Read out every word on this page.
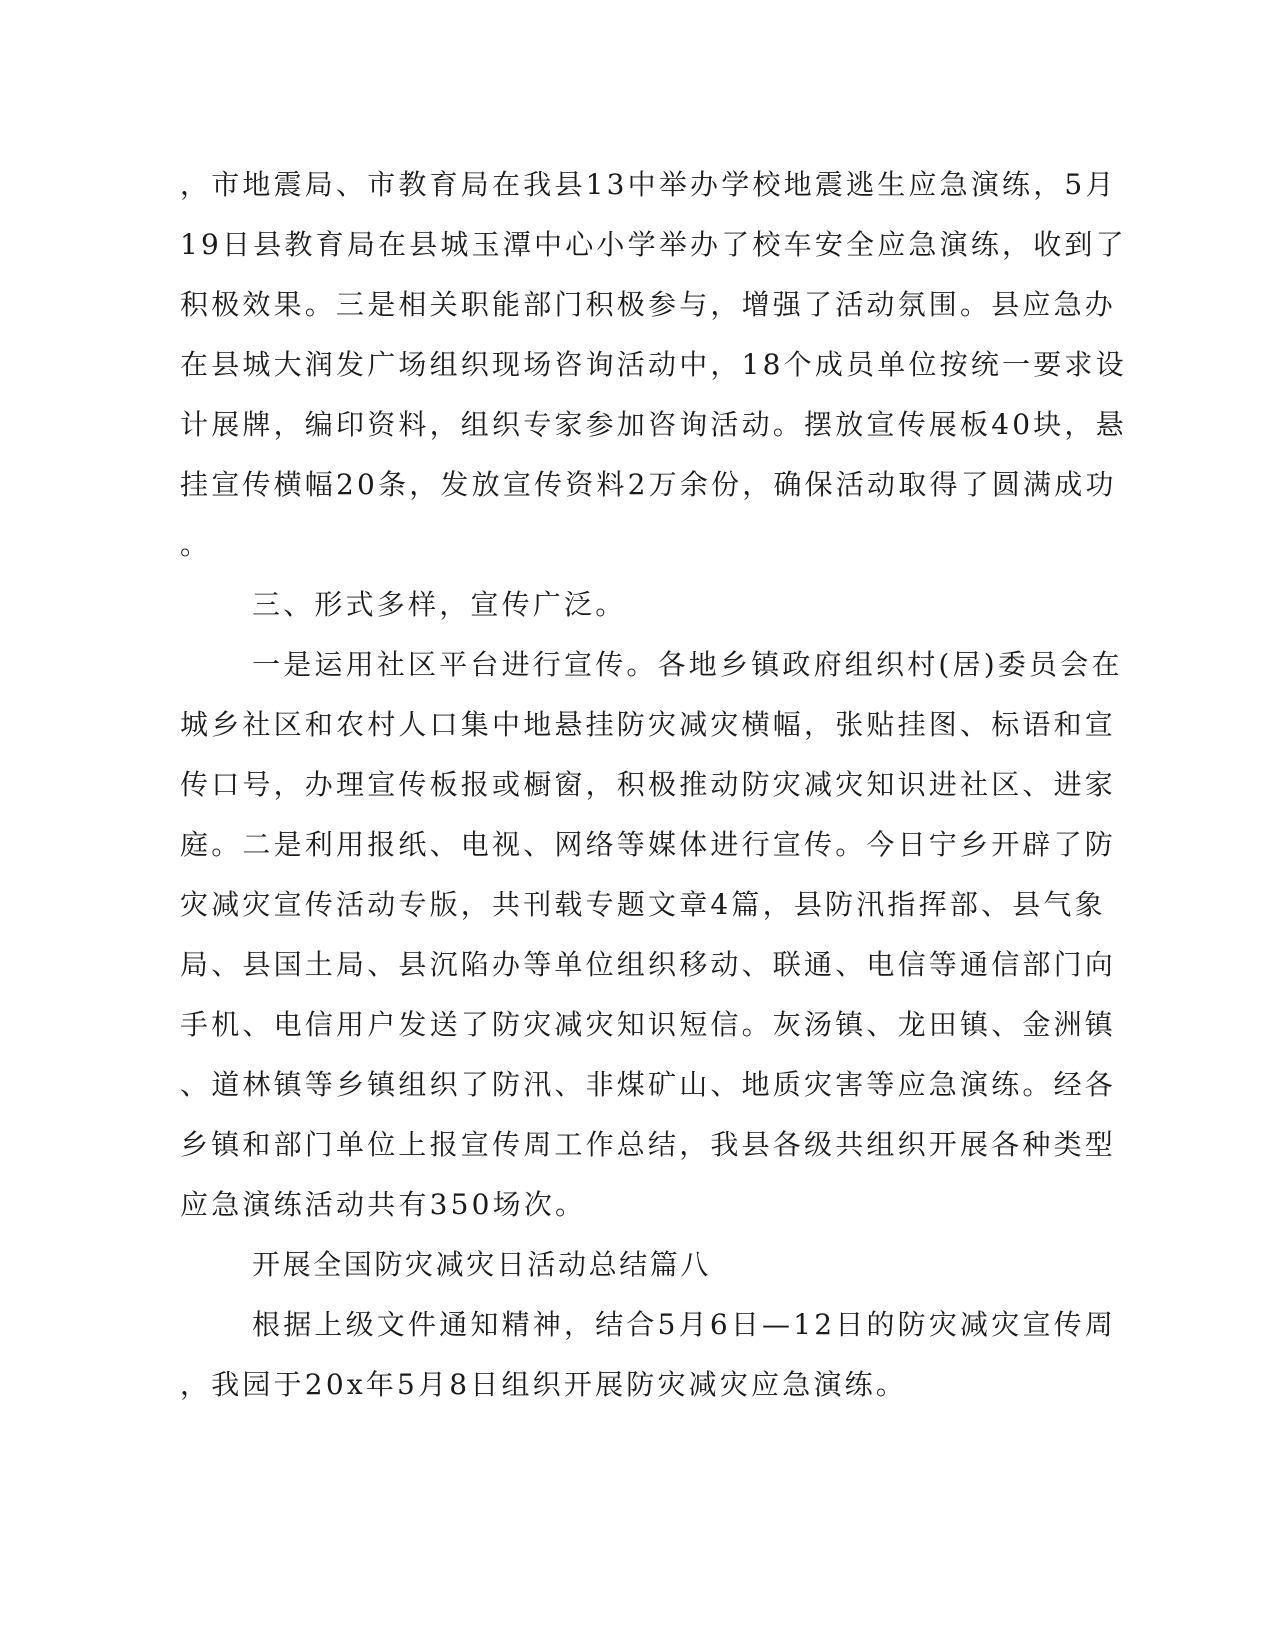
，市地震局、市教育局在我县13中举办学校地震逃生应急演练，5月
19日县教育局在县城玉潭中心小学举办了校车安全应急演练，收到了
积极效果。三是相关职能部门积极参与，增强了活动氛围。县应急办
在县城大润发广场组织现场咨询活动中，18个成员单位按统一要求设
计展牌，编印资料，组织专家参加咨询活动。摆放宣传展板40块，悬
挂宣传横幅20条，发放宣传资料2万余份，确保活动取得了圆满成功
。
三、形式多样，宣传广泛。
一是运用社区平台进行宣传。各地乡镇政府组织村(居)委员会在
城乡社区和农村人口集中地悬挂防灾减灾横幅，张贴挂图、标语和宣
传口号，办理宣传板报或橱窗，积极推动防灾减灾知识进社区、进家
庭。二是利用报纸、电视、网络等媒体进行宣传。今日宁乡开辟了防
灾减灾宣传活动专版，共刊载专题文章4篇，县防汛指挥部、县气象
局、县国土局、县沉陷办等单位组织移动、联通、电信等通信部门向
手机、电信用户发送了防灾减灾知识短信。灰汤镇、龙田镇、金洲镇
、道林镇等乡镇组织了防汛、非煤矿山、地质灾害等应急演练。经各
乡镇和部门单位上报宣传周工作总结，我县各级共组织开展各种类型
应急演练活动共有350场次。
开展全国防灾减灾日活动总结篇八
根据上级文件通知精神，结合5月6日—12日的防灾减灾宣传周
，我园于20x年5月8日组织开展防灾减灾应急演练。
